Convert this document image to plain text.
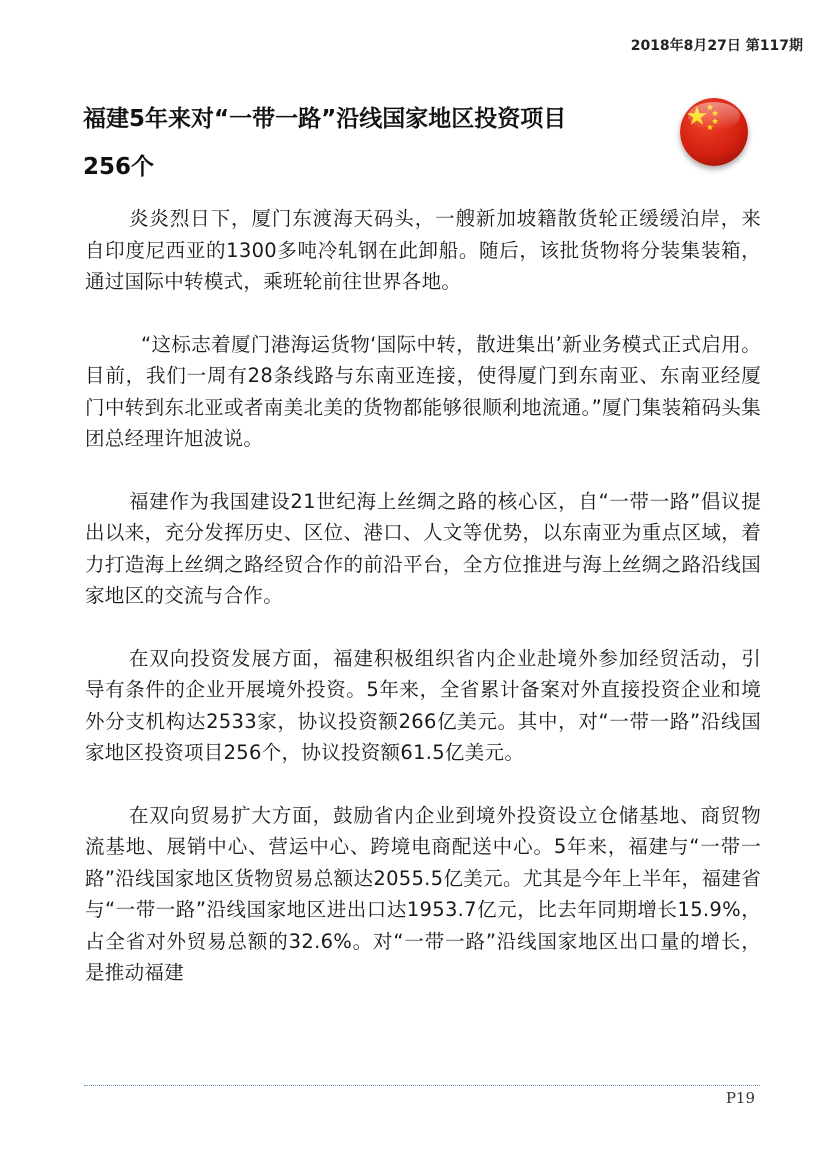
2018年8月27日 第117期
福建5年来对“一带一路”沿线国家地区投资项目256个

炎炎烈日下，厦门东渡海天码头，一艘新加坡籍散货轮正缓缓泊岸，来自印度尼西亚的1300多吨冷轧钢在此卸船。随后，该批货物将分装集装箱，通过国际中转模式，乘班轮前往世界各地。

“这标志着厦门港海运货物‘国际中转，散进集出’新业务模式正式启用。目前，我们一周有28条线路与东南亚连接，使得厦门到东南亚、东南亚经厦门中转到东北亚或者南美北美的货物都能够很顺利地流通。”厦门集装箱码头集团总经理许旭波说。

福建作为我国建设21世纪海上丝绸之路的核心区，自“一带一路”倡议提出以来，充分发挥历史、区位、港口、人文等优势，以东南亚为重点区域，着力打造海上丝绸之路经贸合作的前沿平台，全方位推进与海上丝绸之路沿线国家地区的交流与合作。

在双向投资发展方面，福建积极组织省内企业赴境外参加经贸活动，引导有条件的企业开展境外投资。5年来，全省累计备案对外直接投资企业和境外分支机构达2533家，协议投资额266亿美元。其中，对“一带一路”沿线国家地区投资项目256个，协议投资额61.5亿美元。

在双向贸易扩大方面，鼓励省内企业到境外投资设立仓储基地、商贸物流基地、展销中心、营运中心、跨境电商配送中心。5年来，福建与“一带一路”沿线国家地区货物贸易总额达2055.5亿美元。尤其是今年上半年，福建省与“一带一路”沿线国家地区进出口达1953.7亿元，比去年同期增长15.9%，占全省对外贸易总额的32.6%。对“一带一路”沿线国家地区出口量的增长，是推动福建

P19
